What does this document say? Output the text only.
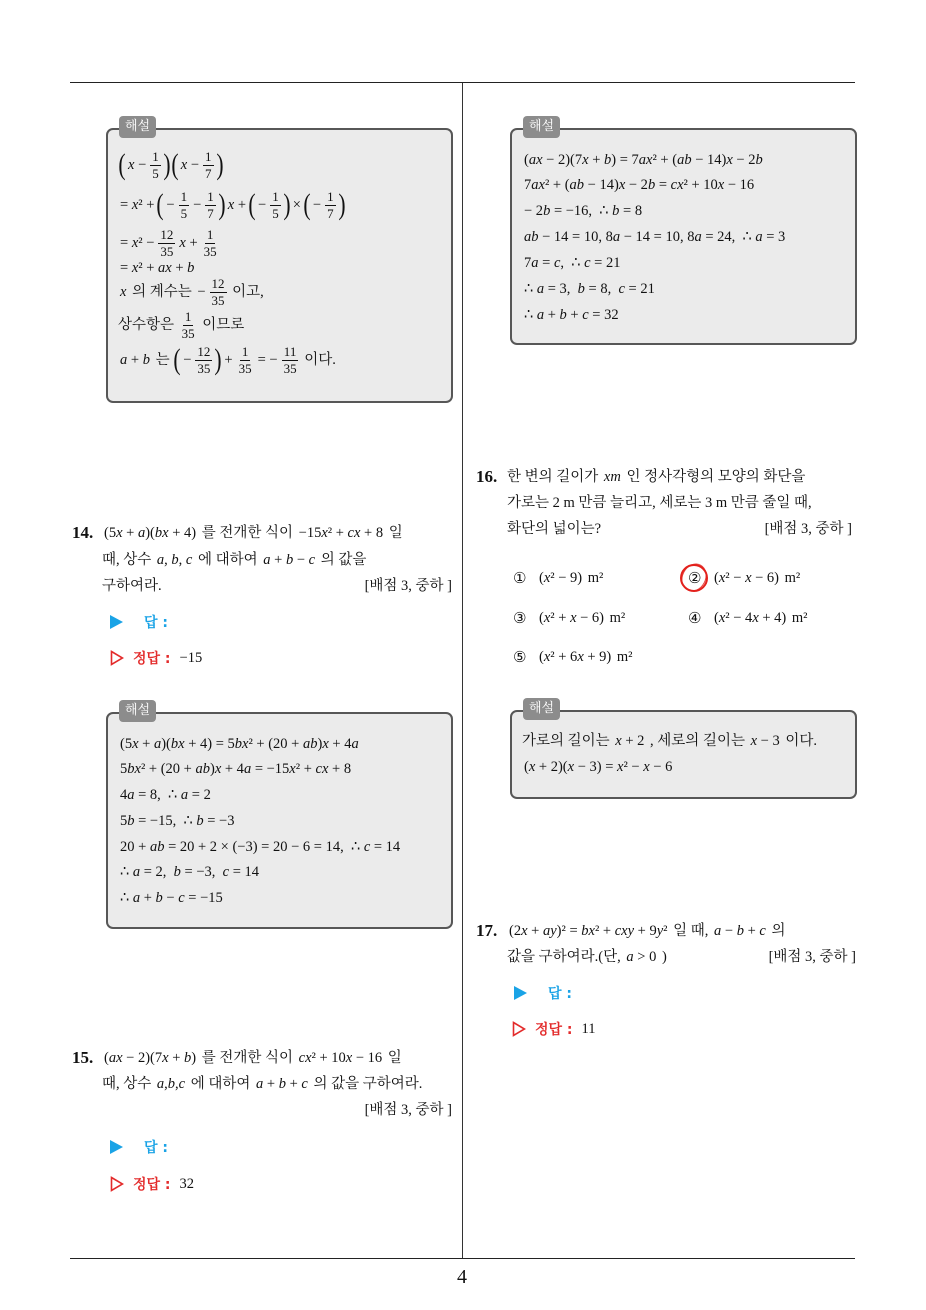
4
해설
( $x - \frac{1}{5}$ ) ( $x - \frac{1}{7}$ )
= x² + ( − $\frac{1}{5} - \frac{1}{7}$ ) x + ( − $\frac{1}{5}$ ) × ( − $\frac{1}{7}$ )
= $x^2 - \frac{12}{35}$ $x + \frac{1}{35}$
= x² + ax + b
x 의 계수는 − $\frac{12}{35}$ 이고,
상수항은 $\frac{1}{35}$ 이므로
a + b 는 ( − $\frac{12}{35}$ ) + $\frac{1}{35}$ = − $\frac{11}{35}$ 이다.
14. (5x + a)(bx + 4) 를 전개한 식이 −15x² + cx + 8 일
때, 상수 a, b, c 에 대하여 a + b − c 의 값을
구하여라.	[배점 3, 중하 ]
답 :
정답 : −15
해설
(5x + a)(bx + 4) = 5bx² + (20 + ab)x + 4a
5bx² + (20 + ab)x + 4a = −15x² + cx + 8
4a = 8,  ∴ a = 2
5b = −15,  ∴ b = −3
20 + ab = 20 + 2 × (−3) = 20 − 6 = 14,  ∴ c = 14
∴ a = 2,  b = −3,  c = 14
∴ a + b − c = −15
15. (ax − 2)(7x + b) 를 전개한 식이 cx² + 10x − 16 일
때, 상수 a,b,c 에 대하여 a + b + c 의 값을 구하여라.
[배점 3, 중하 ]
답 :
정답 : 32
해설
(ax − 2)(7x + b) = 7ax² + (ab − 14)x − 2b
7ax² + (ab − 14)x − 2b = cx² + 10x − 16
− 2b = −16,  ∴ b = 8
ab − 14 = 10, 8a − 14 = 10, 8a = 24,  ∴ a = 3
7a = c,  ∴ c = 21
∴ a = 3,  b = 8,  c = 21
∴ a + b + c = 32
16. 한 변의 길이가 xm 인 정사각형의 모양의 화단을
가로는 2 m 만큼 늘리고, 세로는 3 m 만큼 줄일 때,
화단의 넓이는?	[배점 3, 중하 ]
① (x² − 9) m²	② (x² − x − 6) m²
③ (x² + x − 6) m²	④ (x² − 4x + 4) m²
⑤ (x² + 6x + 9) m²
해설
가로의 길이는 x + 2 , 세로의 길이는 x − 3 이다.
(x + 2)(x − 3) = x² − x − 6
17. (2x + ay)² = bx² + cxy + 9y² 일 때, a − b + c 의
값을 구하여라.(단, a > 0 )	[배점 3, 중하 ]
답 :
정답 : 11
